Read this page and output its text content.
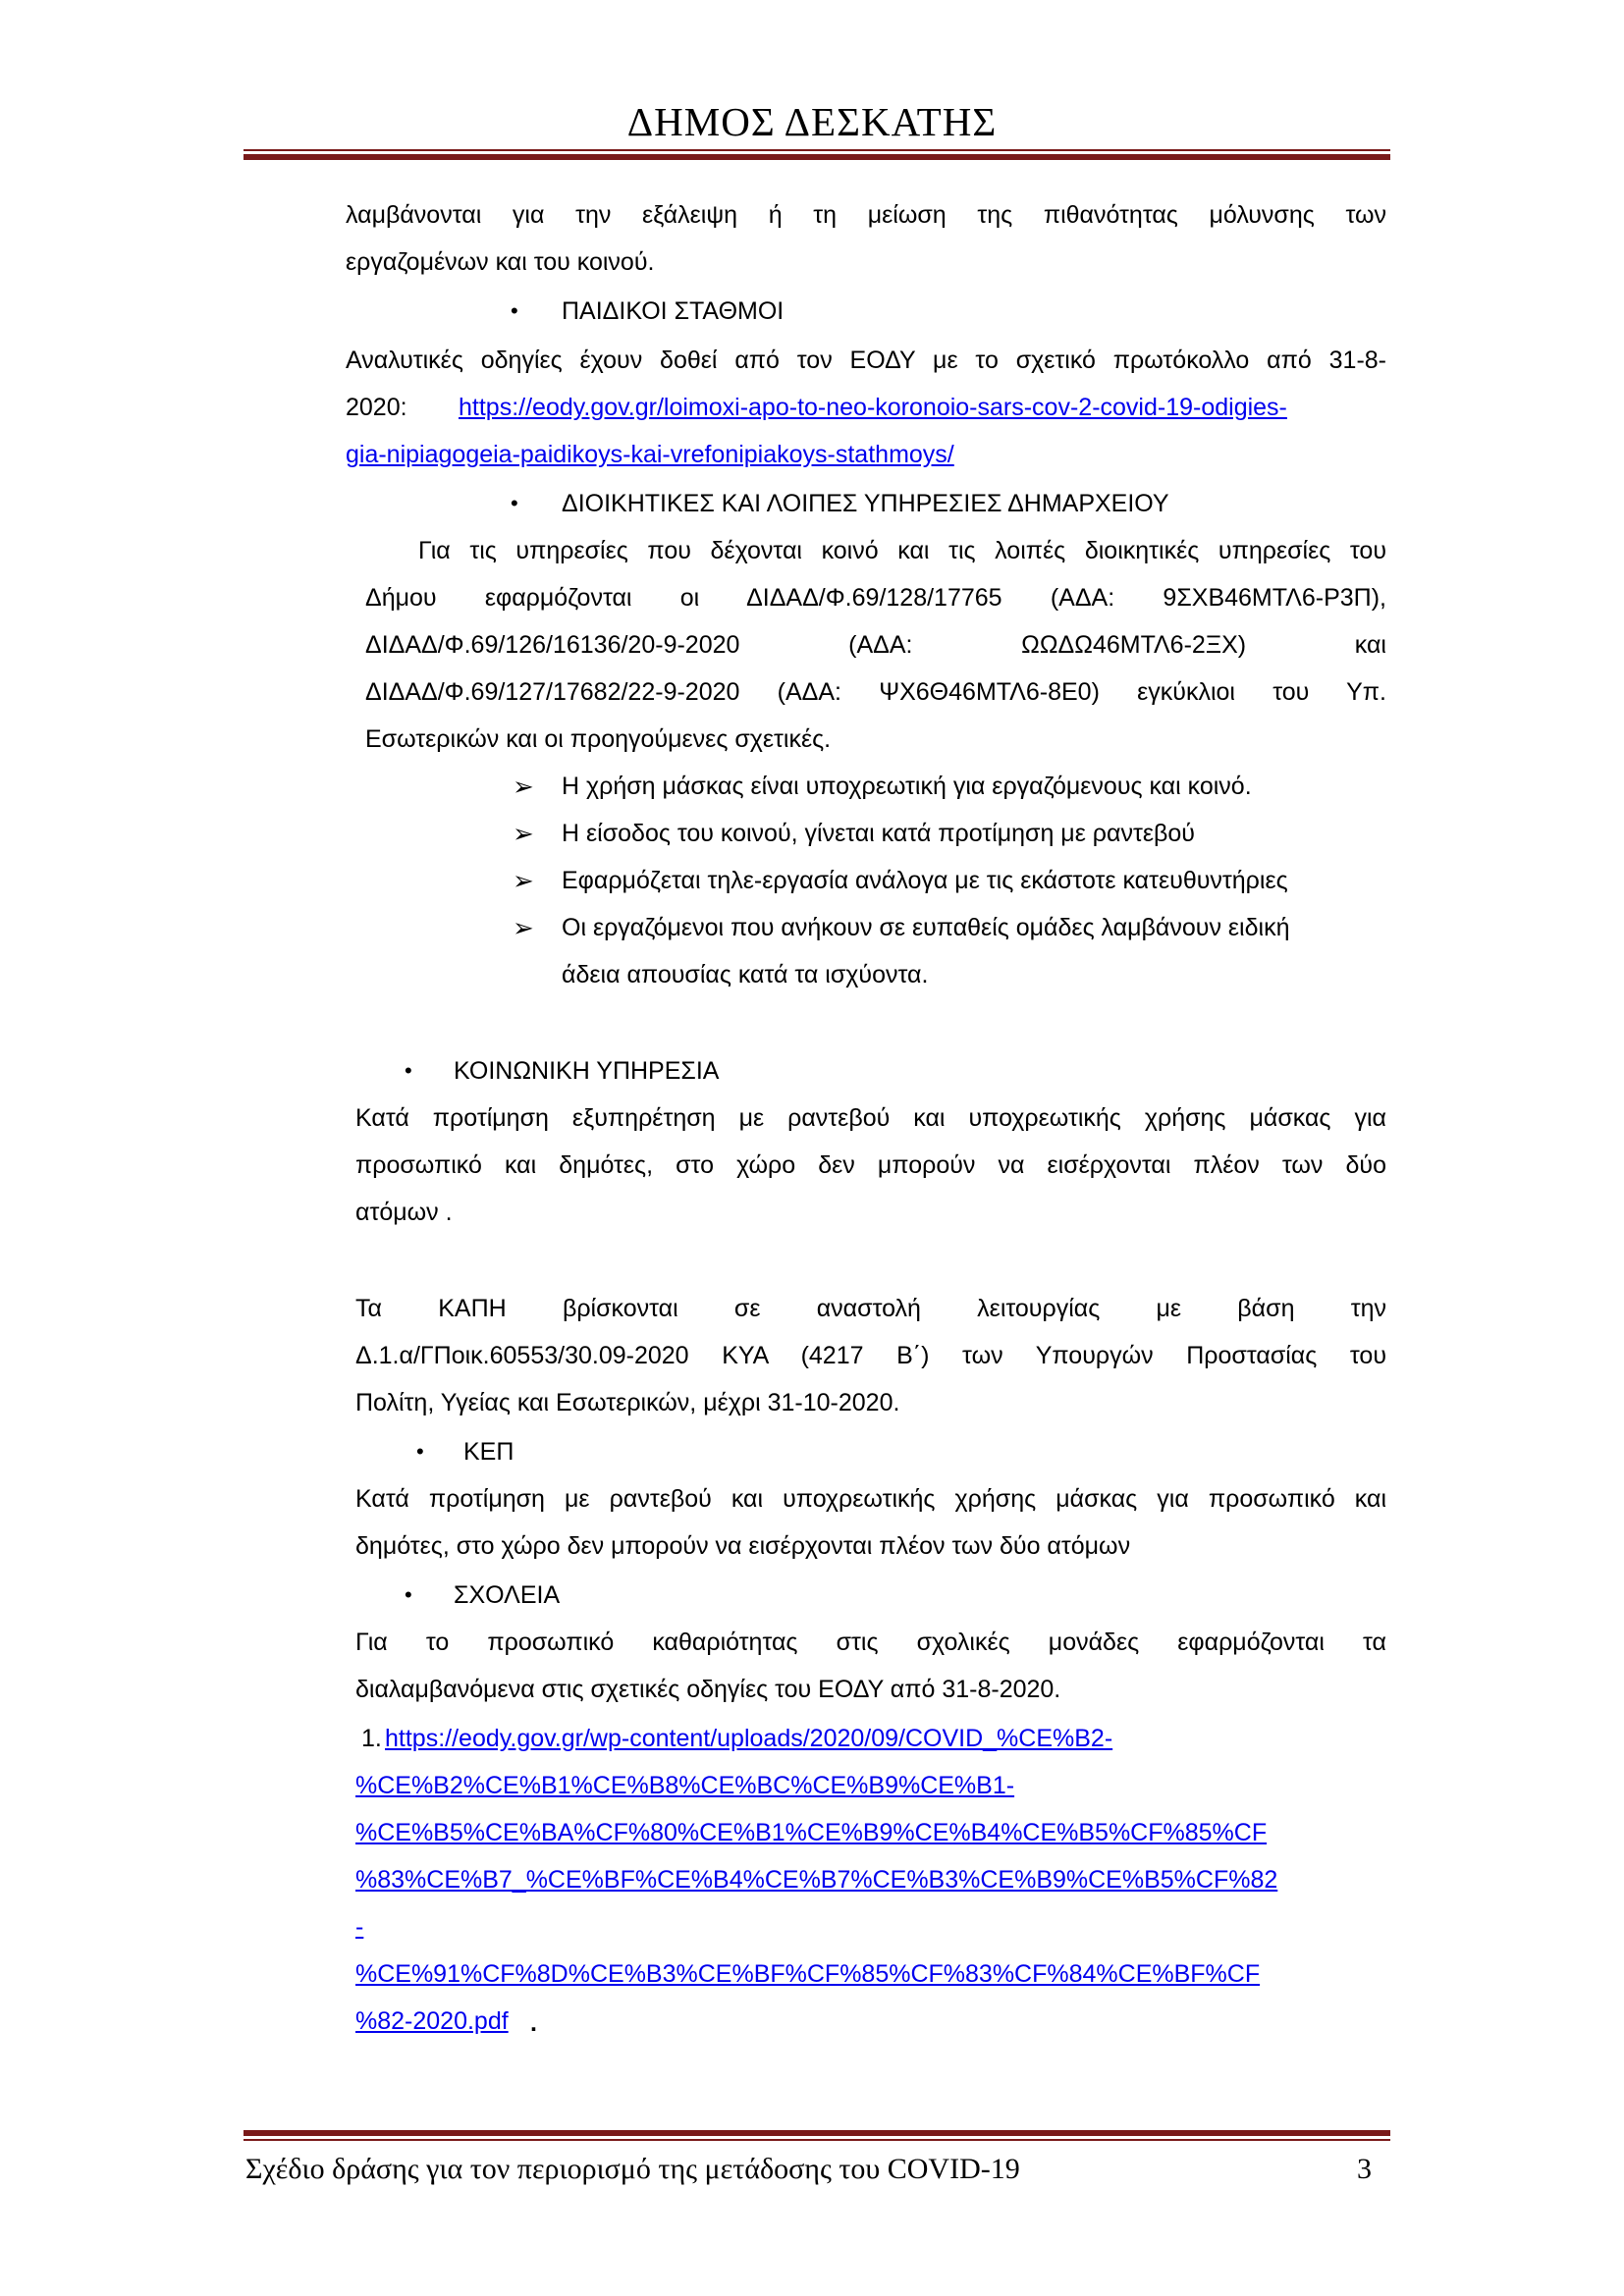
ΔΗΜΟΣ ΔΕΣΚΑΤΗΣ
λαμβάνονται για την εξάλειψη ή τη μείωση της πιθανότητας μόλυνσης των
εργαζομένων και του κοινού.
• ΠΑΙΔΙΚΟΙ ΣΤΑΘΜΟΙ
Αναλυτικές οδηγίες έχουν δοθεί από τον ΕΟΔΥ με το σχετικό πρωτόκολλο από 31-8-
2020: https://eody.gov.gr/loimoxi-apo-to-neo-koronoio-sars-cov-2-covid-19-odigies-
gia-nipiagogeia-paidikoys-kai-vrefonipiakoys-stathmoys/
• ΔΙΟΙΚΗΤΙΚΕΣ ΚΑΙ ΛΟΙΠΕΣ ΥΠΗΡΕΣΙΕΣ ΔΗΜΑΡΧΕΙΟΥ
Για τις υπηρεσίες που δέχονται κοινό και τις λοιπές διοικητικές υπηρεσίες του
Δήμου εφαρμόζονται οι ΔΙΔΑΔ/Φ.69/128/17765 (ΑΔΑ: 9ΣΧΒ46ΜΤΛ6-Ρ3Π),
ΔΙΔΑΔ/Φ.69/126/16136/20-9-2020 (ΑΔΑ: ΩΩΔΩ46ΜΤΛ6-2ΞΧ) και
ΔΙΔΑΔ/Φ.69/127/17682/22-9-2020 (ΑΔΑ: ΨΧ6Θ46ΜΤΛ6-8Ε0) εγκύκλιοι του Υπ.
Εσωτερικών και οι προηγούμενες σχετικές.
➢ Η χρήση μάσκας είναι υποχρεωτική για εργαζόμενους και κοινό.
➢ Η είσοδος του κοινού, γίνεται κατά προτίμηση με ραντεβού
➢ Εφαρμόζεται τηλε-εργασία ανάλογα με τις εκάστοτε κατευθυντήριες
➢ Οι εργαζόμενοι που ανήκουν σε ευπαθείς ομάδες λαμβάνουν ειδική
άδεια απουσίας κατά τα ισχύοντα.
• ΚΟΙΝΩΝΙΚΗ ΥΠΗΡΕΣΙΑ
Κατά προτίμηση εξυπηρέτηση με ραντεβού και υποχρεωτικής χρήσης μάσκας για
προσωπικό και δημότες, στο χώρο δεν μπορούν να εισέρχονται πλέον των δύο
ατόμων .
Τα ΚΑΠΗ βρίσκονται σε αναστολή λειτουργίας με βάση την
Δ.1.α/ΓΠοικ.60553/30.09-2020 ΚΥΑ (4217 Β΄) των Υπουργών Προστασίας του
Πολίτη, Υγείας και Εσωτερικών, μέχρι 31-10-2020.
• ΚΕΠ
Κατά προτίμηση με ραντεβού και υποχρεωτικής χρήσης μάσκας για προσωπικό και
δημότες, στο χώρο δεν μπορούν να εισέρχονται πλέον των δύο ατόμων
• ΣΧΟΛΕΙΑ
Για το προσωπικό καθαριότητας στις σχολικές μονάδες εφαρμόζονται τα
διαλαμβανόμενα στις σχετικές οδηγίες του ΕΟΔΥ από 31-8-2020.
1. https://eody.gov.gr/wp-content/uploads/2020/09/COVID_%CE%B2-
%CE%B2%CE%B1%CE%B8%CE%BC%CE%B9%CE%B1-
%CE%B5%CE%BA%CF%80%CE%B1%CE%B9%CE%B4%CE%B5%CF%85%CF
%83%CE%B7_%CE%BF%CE%B4%CE%B7%CE%B3%CE%B9%CE%B5%CF%82
-
%CE%91%CF%8D%CE%B3%CE%BF%CF%85%CF%83%CF%84%CE%BF%CF
%82-2020.pdf .
Σχέδιο δράσης για τον περιορισμό της μετάδοσης του COVID-19	3
